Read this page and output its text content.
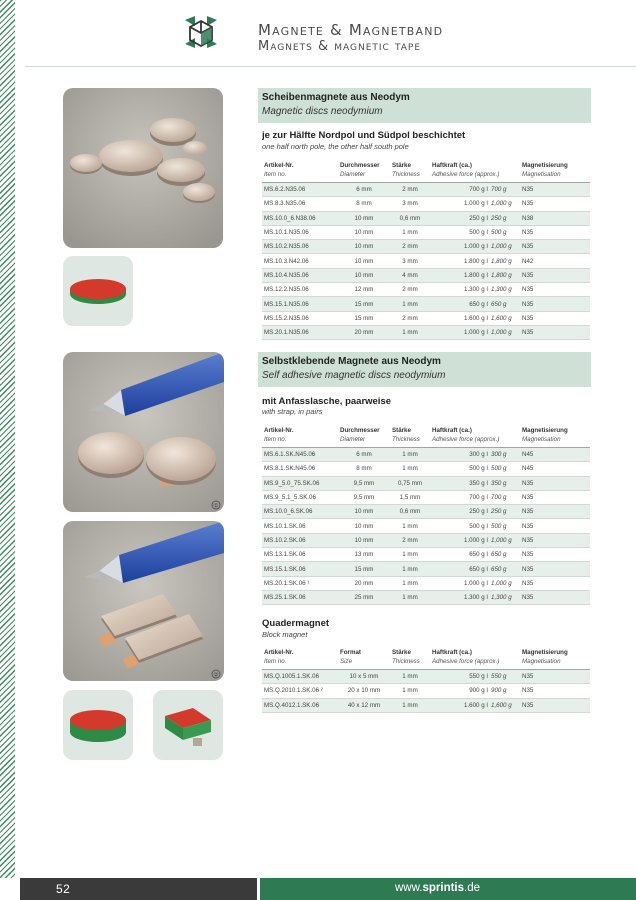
Magnete & Magnetband
Magnets & magnetic tape
①
②
Scheibenmagnete aus Neodym
Magnetic discs neodymium
je zur Hälfte Nordpol und Südpol beschichtet
one half north pole, the other half south pole
Artikel-Nr.	Durchmesser	Stärke	Haftkraft (ca.)	Magnetisierung
Item no.	Diameter	Thickness	Adhesive force (approx.)	Magnetisation
MS.6.2.N35.06	6 mm	2 mm	700 g ǀ 700 g	N35
MS.8.3.N35.06	8 mm	3 mm	1.000 g ǀ 1,000 g	N35
MS.10.0_6.N38.06	10 mm	0,6 mm	250 g ǀ 250 g	N38
MS.10.1.N35.06	10 mm	1 mm	500 g ǀ 500 g	N35
MS.10.2.N35.06	10 mm	2 mm	1.000 g ǀ 1,000 g	N35
MS.10.3.N42.06	10 mm	3 mm	1.800 g ǀ 1,800 g	N42
MS.10.4.N35.06	10 mm	4 mm	1.800 g ǀ 1,800 g	N35
MS.12.2.N35.06	12 mm	2 mm	1.300 g ǀ 1,300 g	N35
MS.15.1.N35.06	15 mm	1 mm	650 g ǀ 650 g	N35
MS.15.2.N35.06	15 mm	2 mm	1.600 g ǀ 1,600 g	N35
MS.20.1.N35.06	20 mm	1 mm	1.000 g ǀ 1,000 g	N35
Selbstklebende Magnete aus Neodym
Self adhesive magnetic discs neodymium
mit Anfasslasche, paarweise
with strap, in pairs
Artikel-Nr.	Durchmesser	Stärke	Haftkraft (ca.)	Magnetisierung
Item no.	Diameter	Thickness	Adhesive force (approx.)	Magnetisation
MS.6.1.SK.N45.06	6 mm	1 mm	300 g ǀ 300 g	N45
MS.8.1.SK.N45.06	8 mm	1 mm	500 g ǀ 500 g	N45
MS.9_5.0_75.SK.06	9,5 mm	0,75 mm	350 g ǀ 350 g	N35
MS.9_5.1_5.SK.06	9,5 mm	1,5 mm	700 g ǀ 700 g	N35
MS.10.0_6.SK.06	10 mm	0,6 mm	250 g ǀ 250 g	N35
MS.10.1.SK.06	10 mm	1 mm	500 g ǀ 500 g	N35
MS.10.2.SK.06	10 mm	2 mm	1.000 g ǀ 1,000 g	N35
MS.13.1.SK.06	13 mm	1 mm	650 g ǀ 650 g	N35
MS.15.1.SK.06	15 mm	1 mm	650 g ǀ 650 g	N35
MS.20.1.SK.06 ¹	20 mm	1 mm	1.000 g ǀ 1,000 g	N35
MS.25.1.SK.06	25 mm	1 mm	1.300 g ǀ 1,300 g	N35
Quadermagnet
Block magnet
Artikel-Nr.	Format	Stärke	Haftkraft (ca.)	Magnetisierung
Item no.	Size	Thickness	Adhesive force (approx.)	Magnetisation
MS.Q.1005.1.SK.06	10 x 5 mm	1 mm	550 g ǀ 550 g	N35
MS.Q.2010.1.SK.06 ²	20 x 10 mm	1 mm	900 g ǀ 900 g	N35
MS.Q.4012.1.SK.06	40 x 12 mm	1 mm	1.600 g ǀ 1,600 g	N35
52	www.sprintis.de
